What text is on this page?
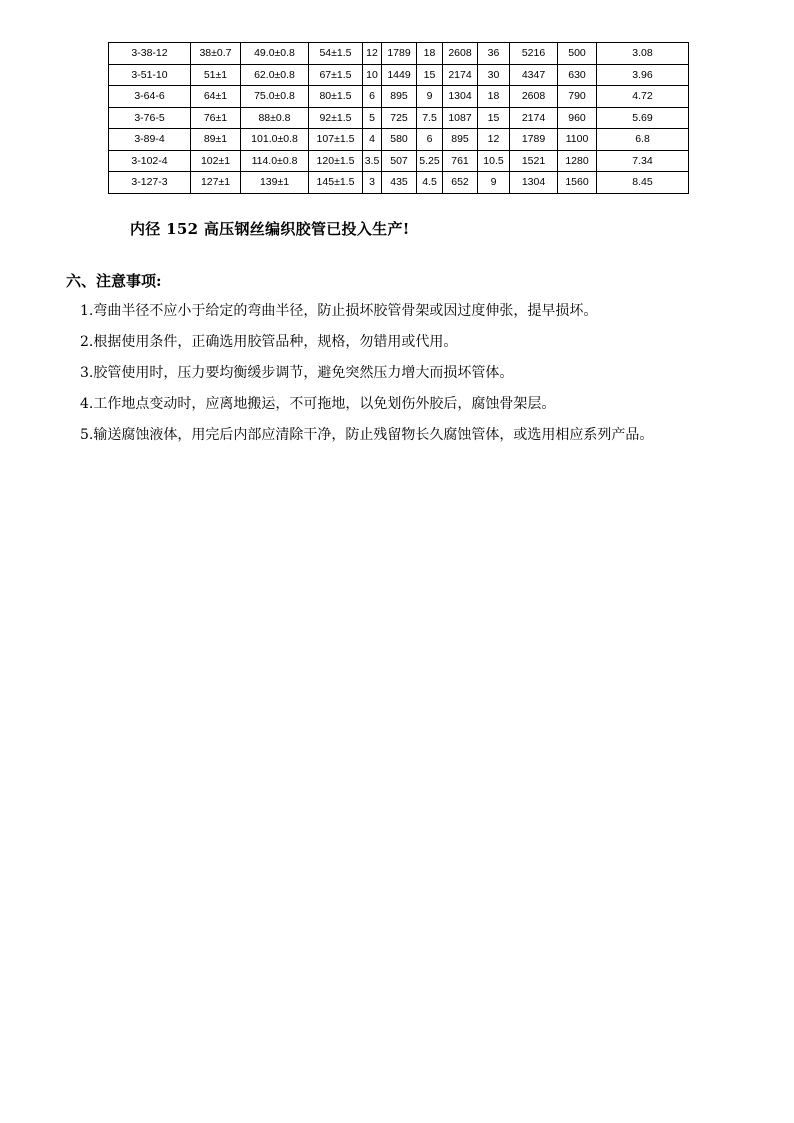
3-38-12	38±0.7	49.0±0.8	54±1.5	12	1789	18	2608	36	5216	500	3.08
3-51-10	51±1	62.0±0.8	67±1.5	10	1449	15	2174	30	4347	630	3.96
3-64-6	64±1	75.0±0.8	80±1.5	6	895	9	1304	18	2608	790	4.72
3-76-5	76±1	88±0.8	92±1.5	5	725	7.5	1087	15	2174	960	5.69
3-89-4	89±1	101.0±0.8	107±1.5	4	580	6	895	12	1789	1100	6.8
3-102-4	102±1	114.0±0.8	120±1.5	3.5	507	5.25	761	10.5	1521	1280	7.34
3-127-3	127±1	139±1	145±1.5	3	435	4.5	652	9	1304	1560	8.45
内径 152 高压钢丝编织胶管已投入生产!
六、注意事项:
1.弯曲半径不应小于给定的弯曲半径，防止损坏胶管骨架或因过度伸张，提早损坏。
2.根据使用条件，正确选用胶管品种，规格，勿错用或代用。
3.胶管使用时，压力要均衡缓步调节，避免突然压力增大而损坏管体。
4.工作地点变动时，应离地搬运，不可拖地，以免划伤外胶后，腐蚀骨架层。
5.输送腐蚀液体，用完后内部应清除干净，防止残留物长久腐蚀管体，或选用相应系列产品。
